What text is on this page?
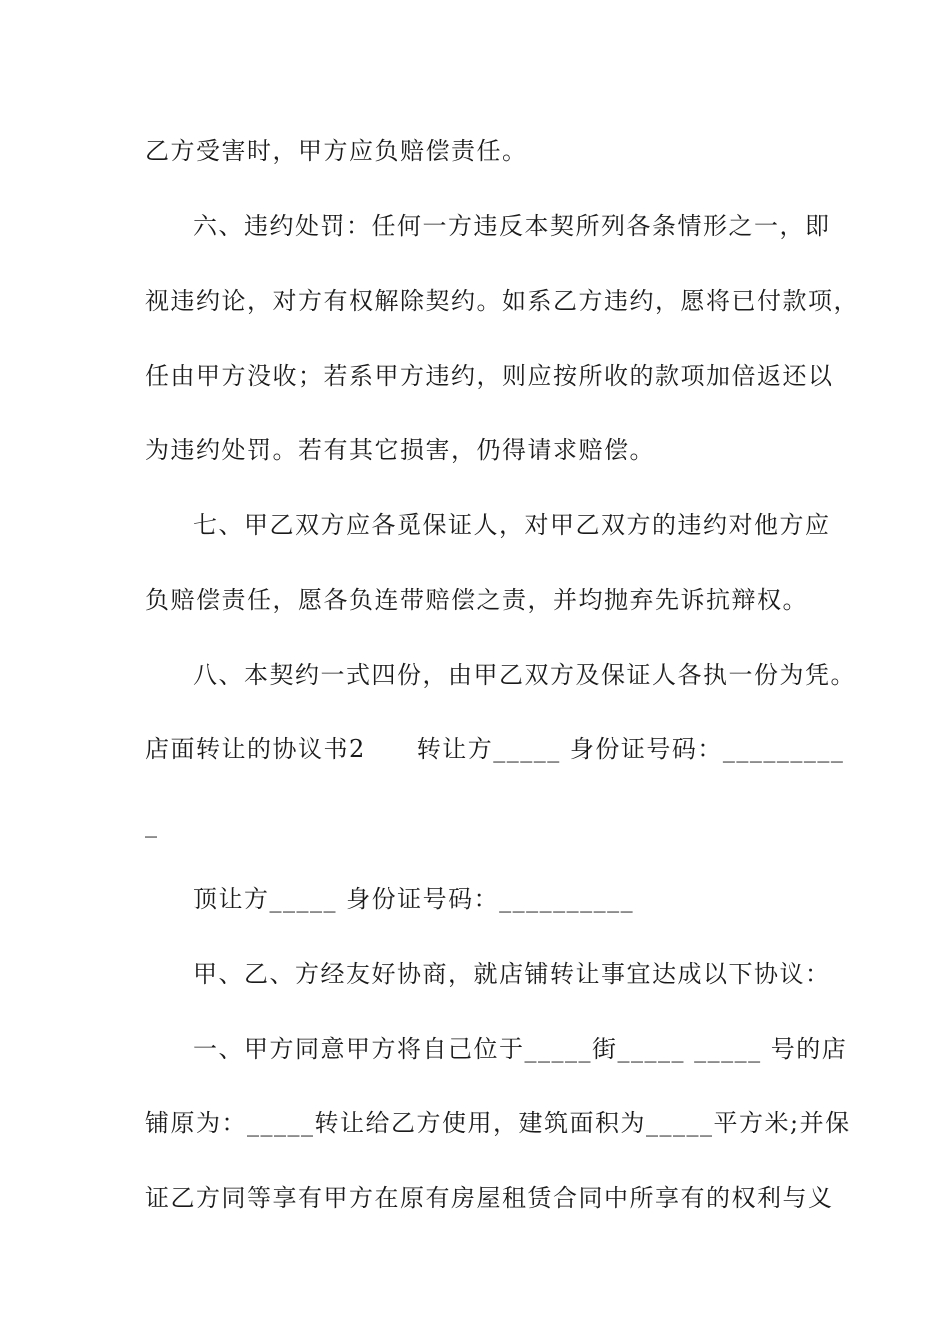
乙方受害时，甲方应负赔偿责任。
六、违约处罚：任何一方违反本契所列各条情形之一，即
视违约论，对方有权解除契约。如系乙方违约，愿将已付款项，
任由甲方没收；若系甲方违约，则应按所收的款项加倍返还以
为违约处罚。若有其它损害，仍得请求赔偿。
七、甲乙双方应各觅保证人，对甲乙双方的违约对他方应
负赔偿责任，愿各负连带赔偿之责，并均抛弃先诉抗辩权。
八、本契约一式四份，由甲乙双方及保证人各执一份为凭。
店面转让的协议书2　　转让方_____ 身份证号码：_________
_
顶让方_____ 身份证号码：__________
甲、乙、方经友好协商，就店铺转让事宜达成以下协议：
一、甲方同意甲方将自己位于_____街_____ _____ 号的店
铺原为：_____转让给乙方使用，建筑面积为_____平方米;并保
证乙方同等享有甲方在原有房屋租赁合同中所享有的权利与义
